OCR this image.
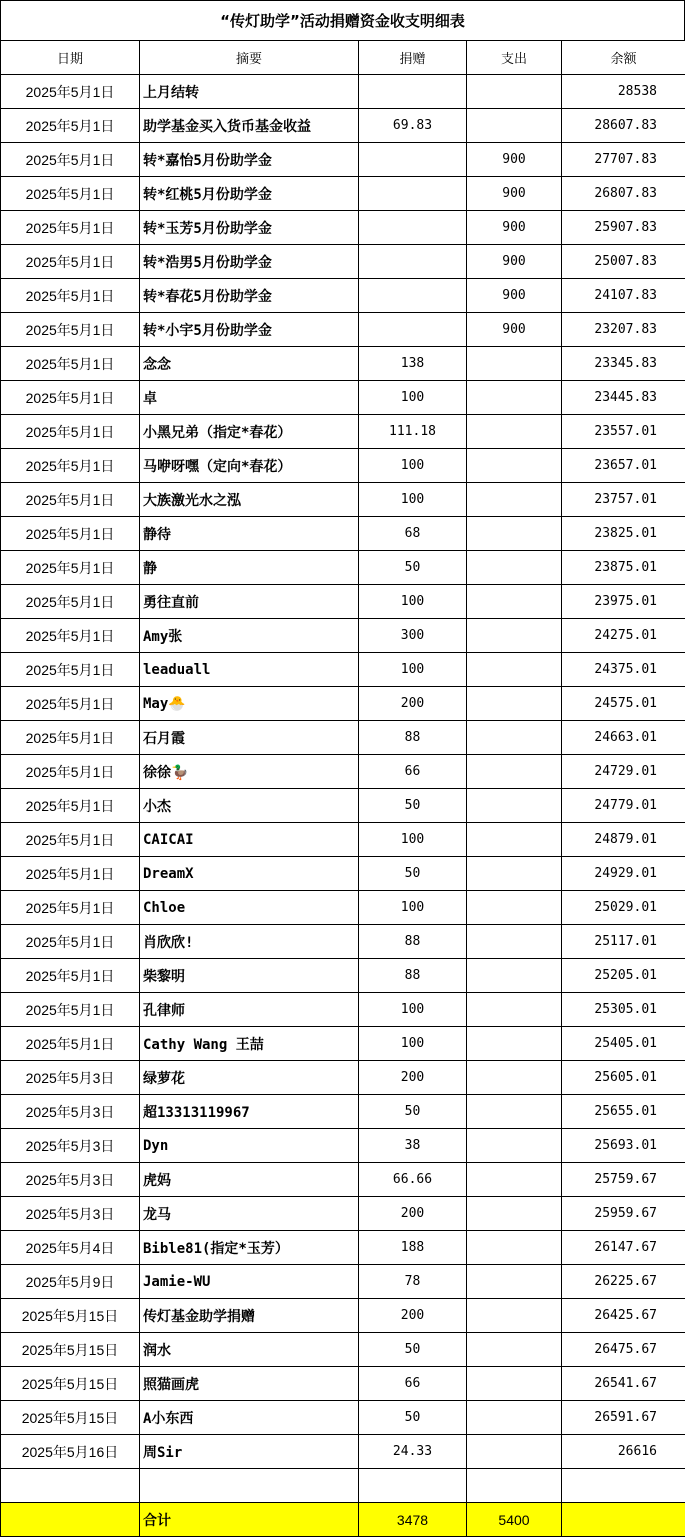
“传灯助学”活动捐赠资金收支明细表
日期	摘要	捐赠	支出	余额
2025年5月1日	上月结转			28538
2025年5月1日	助学基金买入货币基金收益	69.83		28607.83
2025年5月1日	转*嘉怡5月份助学金		900	27707.83
2025年5月1日	转*红桃5月份助学金		900	26807.83
2025年5月1日	转*玉芳5月份助学金		900	25907.83
2025年5月1日	转*浩男5月份助学金		900	25007.83
2025年5月1日	转*春花5月份助学金		900	24107.83
2025年5月1日	转*小宇5月份助学金		900	23207.83
2025年5月1日	念念	138		23345.83
2025年5月1日	卓	100		23445.83
2025年5月1日	小黑兄弟（指定*春花）	111.18		23557.01
2025年5月1日	马咿呀嘿（定向*春花）	100		23657.01
2025年5月1日	大族激光水之泓	100		23757.01
2025年5月1日	静待	68		23825.01
2025年5月1日	静	50		23875.01
2025年5月1日	勇往直前	100		23975.01
2025年5月1日	Amy张	300		24275.01
2025年5月1日	leaduall	100		24375.01
2025年5月1日	May🐣	200		24575.01
2025年5月1日	石月霞	88		24663.01
2025年5月1日	徐徐🦆	66		24729.01
2025年5月1日	小杰	50		24779.01
2025年5月1日	CAICAI	100		24879.01
2025年5月1日	DreamX	50		24929.01
2025年5月1日	Chloe	100		25029.01
2025年5月1日	肖欣欣!	88		25117.01
2025年5月1日	柴黎明	88		25205.01
2025年5月1日	孔律师	100		25305.01
2025年5月1日	Cathy Wang 王喆	100		25405.01
2025年5月3日	绿萝花	200		25605.01
2025年5月3日	超13313119967	50		25655.01
2025年5月3日	Dyn	38		25693.01
2025年5月3日	虎妈	66.66		25759.67
2025年5月3日	龙马	200		25959.67
2025年5月4日	Bible81(指定*玉芳）	188		26147.67
2025年5月9日	Jamie-WU	78		26225.67
2025年5月15日	传灯基金助学捐赠	200		26425.67
2025年5月15日	润水	50		26475.67
2025年5月15日	照猫画虎	66		26541.67
2025年5月15日	A小东西	50		26591.67
2025年5月16日	周Sir	24.33		26616

	合计	3478	5400	
